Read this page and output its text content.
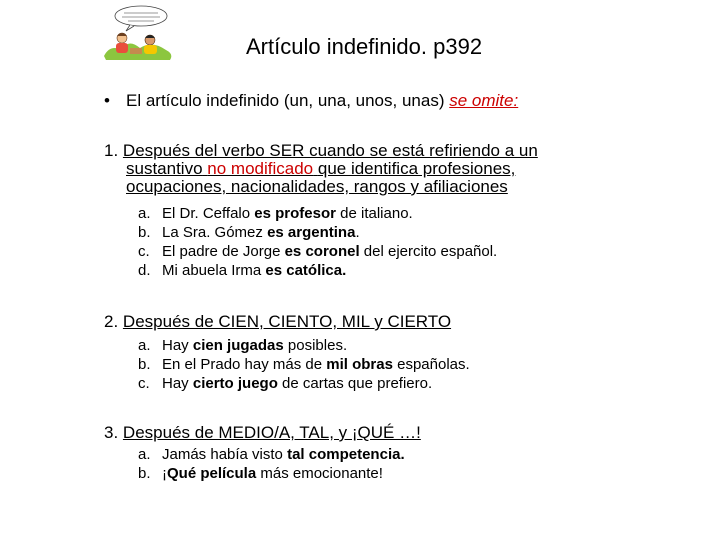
Artículo indefinido. p392
• El artículo indefinido (un, una, unos, unas) se omite:
1. Después del verbo SER cuando se está refiriendo a un
sustantivo no modificado que identifica profesiones,
ocupaciones, nacionalidades, rangos y afiliaciones
a. El Dr. Ceffalo es profesor de italiano.
b. La Sra. Gómez es argentina.
c. El padre de Jorge es coronel del ejercito español.
d. Mi abuela Irma es católica.
2. Después de CIEN, CIENTO, MIL y CIERTO
a. Hay cien jugadas posibles.
b. En el Prado hay más de mil obras españolas.
c. Hay cierto juego de cartas que prefiero.
3. Después de MEDIO/A, TAL, y ¡QUÉ …!
a. Jamás había visto tal competencia.
b. ¡Qué película más emocionante!
